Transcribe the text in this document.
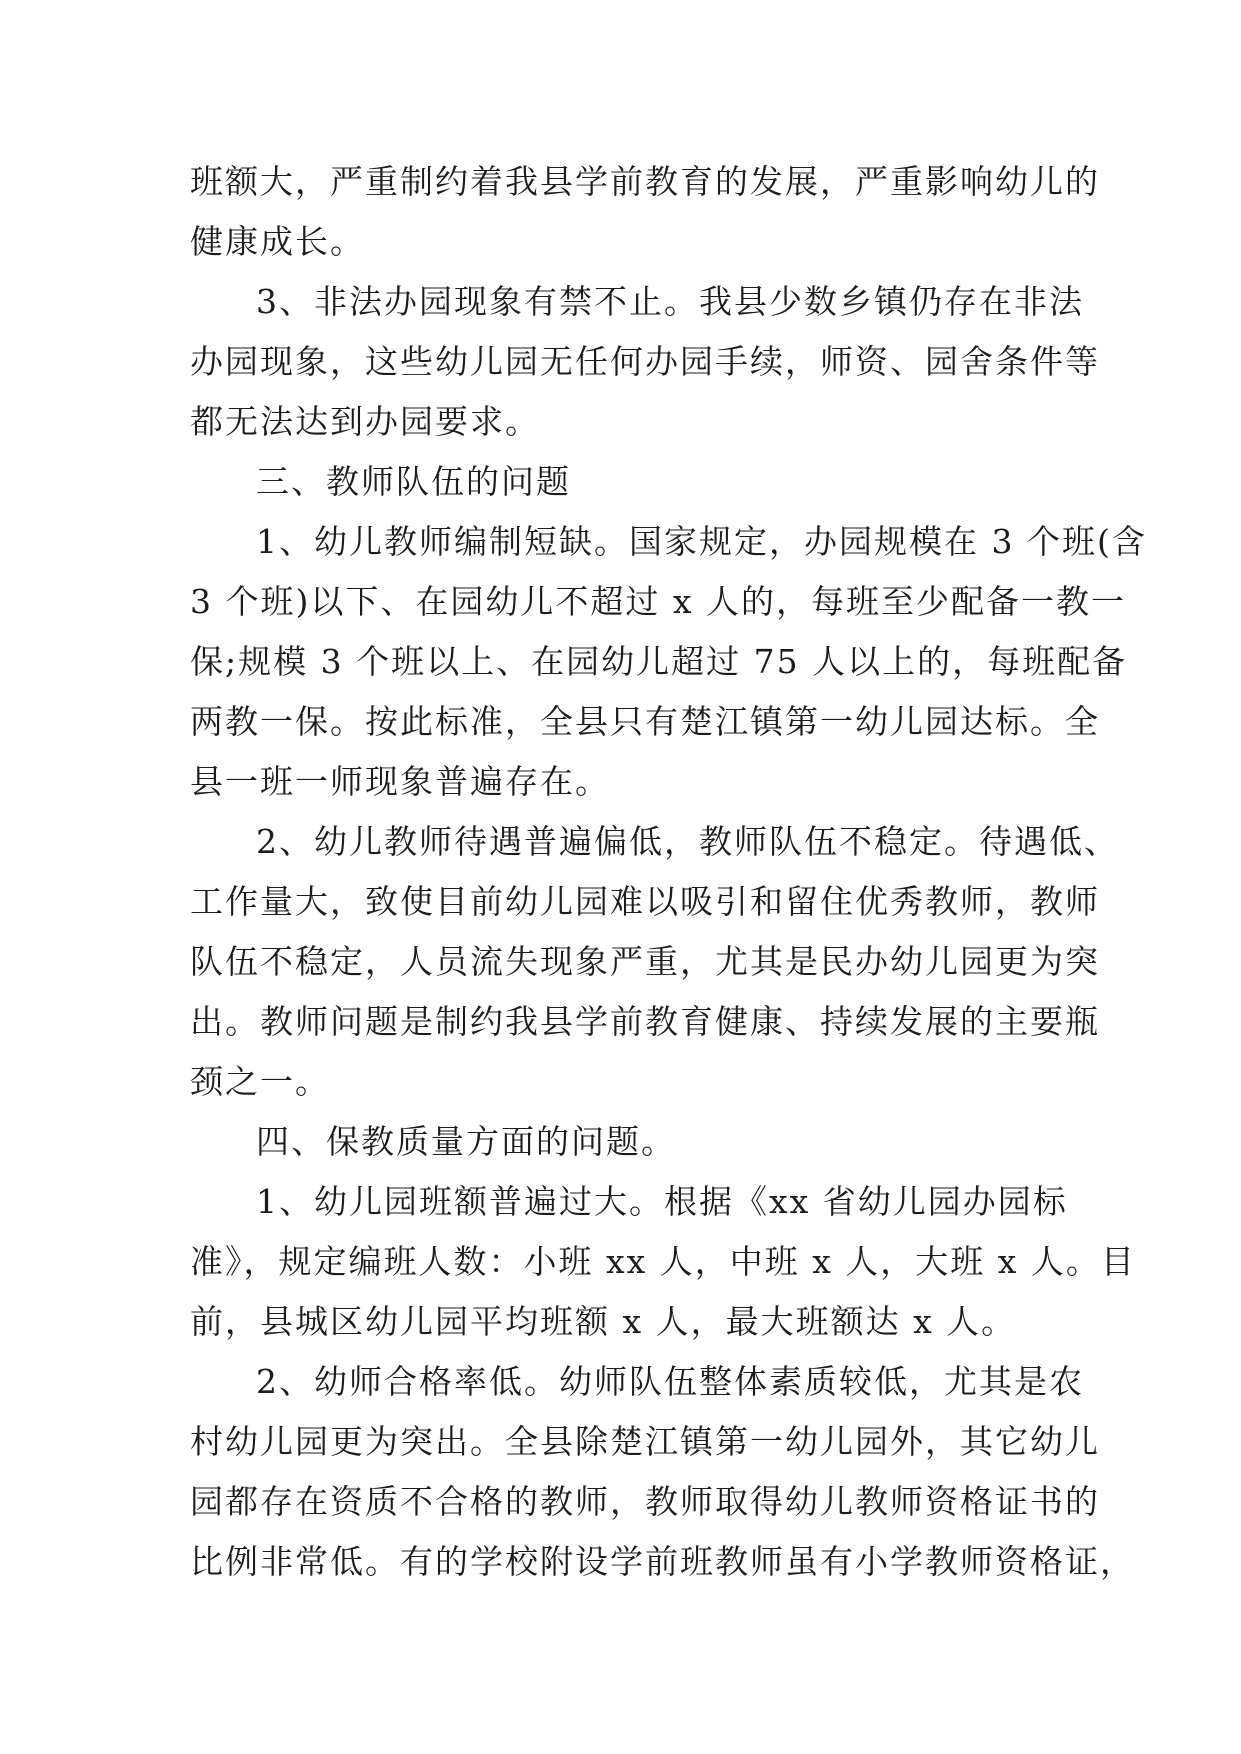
班额大，严重制约着我县学前教育的发展，严重影响幼儿的
健康成长。
3、非法办园现象有禁不止。我县少数乡镇仍存在非法
办园现象，这些幼儿园无任何办园手续，师资、园舍条件等
都无法达到办园要求。
三、教师队伍的问题
1、幼儿教师编制短缺。国家规定，办园规模在 3 个班(含
3 个班)以下、在园幼儿不超过 x 人的，每班至少配备一教一
保;规模 3 个班以上、在园幼儿超过 75 人以上的，每班配备
两教一保。按此标准，全县只有楚江镇第一幼儿园达标。全
县一班一师现象普遍存在。
2、幼儿教师待遇普遍偏低，教师队伍不稳定。待遇低、
工作量大，致使目前幼儿园难以吸引和留住优秀教师，教师
队伍不稳定，人员流失现象严重，尤其是民办幼儿园更为突
出。教师问题是制约我县学前教育健康、持续发展的主要瓶
颈之一。
四、保教质量方面的问题。
1、幼儿园班额普遍过大。根据《xx 省幼儿园办园标
准》，规定编班人数：小班 xx 人，中班 x 人，大班 x 人。目
前，县城区幼儿园平均班额 x 人，最大班额达 x 人。
2、幼师合格率低。幼师队伍整体素质较低，尤其是农
村幼儿园更为突出。全县除楚江镇第一幼儿园外，其它幼儿
园都存在资质不合格的教师，教师取得幼儿教师资格证书的
比例非常低。有的学校附设学前班教师虽有小学教师资格证，
